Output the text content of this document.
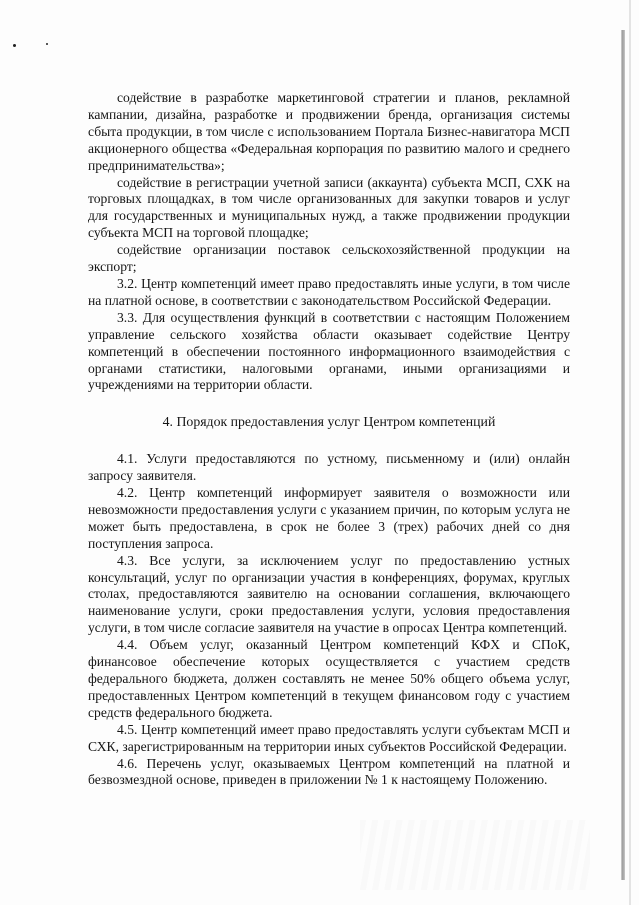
содействие в разработке маркетинговой стратегии и планов, рекламной кампании, дизайна, разработке и продвижении бренда, организация системы сбыта продукции, в том числе с использованием Портала Бизнес-навигатора МСП акционерного общества «Федеральная корпорация по развитию малого и среднего предпринимательства»;

содействие в регистрации учетной записи (аккаунта) субъекта МСП, СХК на торговых площадках, в том числе организованных для закупки товаров и услуг для государственных и муниципальных нужд, а также продвижении продукции субъекта МСП на торговой площадке;

содействие организации поставок сельскохозяйственной продукции на экспорт;

3.2. Центр компетенций имеет право предоставлять иные услуги, в том числе на платной основе, в соответствии с законодательством Российской Федерации.

3.3. Для осуществления функций в соответствии с настоящим Положением управление сельского хозяйства области оказывает содействие Центру компетенций в обеспечении постоянного информационного взаимодействия с органами статистики, налоговыми органами, иными организациями и учреждениями на территории области.

4. Порядок предоставления услуг Центром компетенций

4.1. Услуги предоставляются по устному, письменному и (или) онлайн запросу заявителя.

4.2. Центр компетенций информирует заявителя о возможности или невозможности предоставления услуги с указанием причин, по которым услуга не может быть предоставлена, в срок не более 3 (трех) рабочих дней со дня поступления запроса.

4.3. Все услуги, за исключением услуг по предоставлению устных консультаций, услуг по организации участия в конференциях, форумах, круглых столах, предоставляются заявителю на основании соглашения, включающего наименование услуги, сроки предоставления услуги, условия предоставления услуги, в том числе согласие заявителя на участие в опросах Центра компетенций.

4.4. Объем услуг, оказанный Центром компетенций КФХ и СПоК, финансовое обеспечение которых осуществляется с участием средств федерального бюджета, должен составлять не менее 50% общего объема услуг, предоставленных Центром компетенций в текущем финансовом году с участием средств федерального бюджета.

4.5. Центр компетенций имеет право предоставлять услуги субъектам МСП и СХК, зарегистрированным на территории иных субъектов Российской Федерации.

4.6. Перечень услуг, оказываемых Центром компетенций на платной и безвозмездной основе, приведен в приложении № 1 к настоящему Положению.
